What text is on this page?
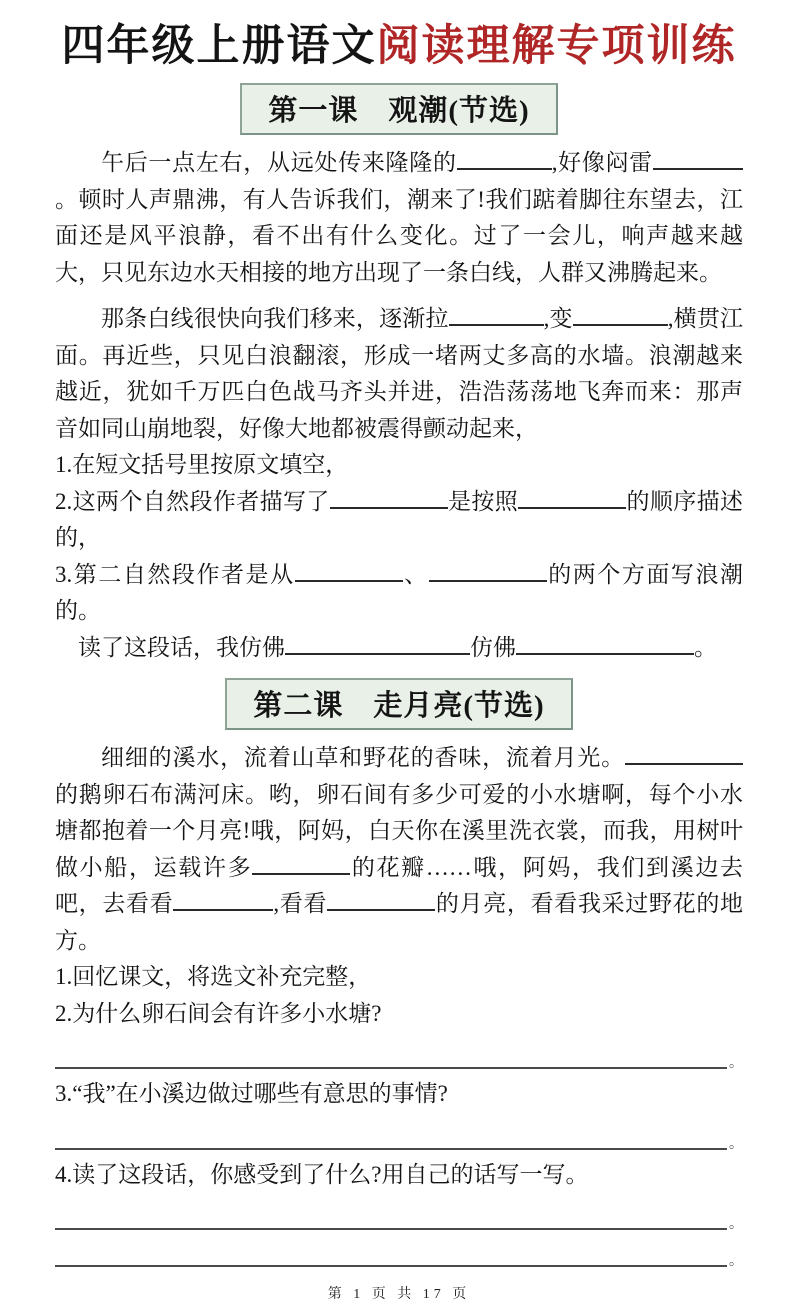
四年级上册语文阅读理解专项训练
第一课　观潮(节选)

午后一点左右，从远处传来隆隆的	,好像闷雷。顿时人声鼎沸，有人告诉我们，潮来了!我们踮着脚往东望去，江面还是风平浪静，看不出有什么变化。过了一会儿，响声越来越大，只见东边水天相接的地方出现了一条白线，人群又沸腾起来。

那条白线很快向我们移来，逐渐拉	,变	,横贯江面。再近些，只见白浪翻滚，形成一堵两丈多高的水墙。浪潮越来越近，犹如千万匹白色战马齐头并进，浩浩荡荡地飞奔而来：那声音如同山崩地裂，好像大地都被震得颤动起来，

1.在短文括号里按原文填空，
2.这两个自然段作者描写了	是按照	的顺序描述的，
3.第二自然段作者是从	、	的两个方面写浪潮的。
读了这段话，我仿佛	仿佛	。
第二课　走月亮(节选)

细细的溪水，流着山草和野花的香味，流着月光。的鹅卵石布满河床。哟，卵石间有多少可爱的小水塘啊，每个小水塘都抱着一个月亮!哦，阿妈，白天你在溪里洗衣裳，而我，用树叶做小船，运载许多	的花瓣……哦，阿妈，我们到溪边去吧，去看看	,看看	的月亮，看看我采过野花的地方。

1.回忆课文，将选文补充完整，
2.为什么卵石间会有许多小水塘?
。
3.“我”在小溪边做过哪些有意思的事情?
。
4.读了这段话，你感受到了什么?用自己的话写一写。
。
。
第 1 页 共 17 页
